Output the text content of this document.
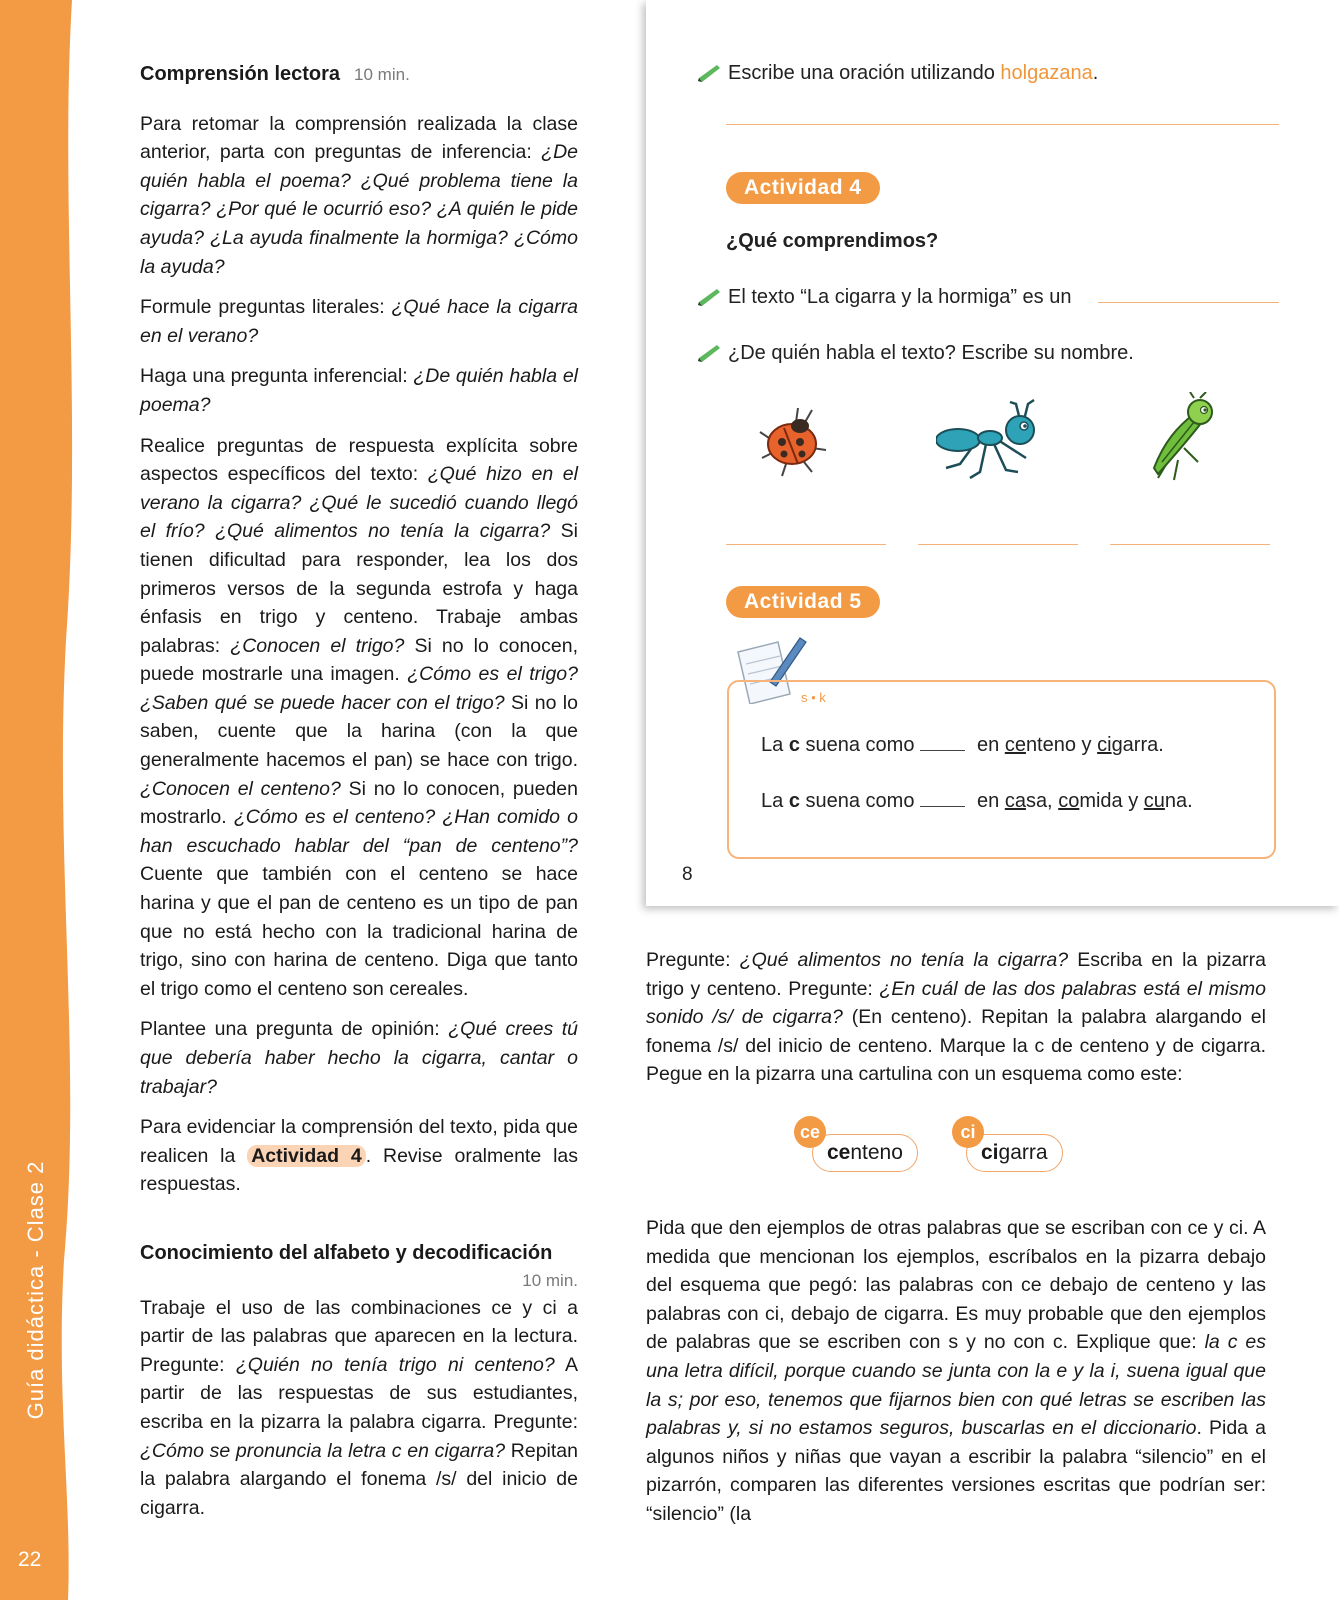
Guía didáctica - Clase 2
22

Comprensión lectora 10 min.

Para retomar la comprensión realizada la clase anterior, parta con preguntas de inferencia: ¿De quién habla el poema? ¿Qué problema tiene la cigarra? ¿Por qué le ocurrió eso? ¿A quién le pide ayuda? ¿La ayuda finalmente la hormiga? ¿Cómo la ayuda?

Formule preguntas literales: ¿Qué hace la cigarra en el verano?

Haga una pregunta inferencial: ¿De quién habla el poema?

Realice preguntas de respuesta explícita sobre aspectos específicos del texto: ¿Qué hizo en el verano la cigarra? ¿Qué le sucedió cuando llegó el frío? ¿Qué alimentos no tenía la cigarra? Si tienen dificultad para responder, lea los dos primeros versos de la segunda estrofa y haga énfasis en trigo y centeno. Trabaje ambas palabras: ¿Conocen el trigo? Si no lo conocen, puede mostrarle una imagen. ¿Cómo es el trigo? ¿Saben qué se puede hacer con el trigo? Si no lo saben, cuente que la harina (con la que generalmente hacemos el pan) se hace con trigo. ¿Conocen el centeno? Si no lo conocen, pueden mostrarlo. ¿Cómo es el centeno? ¿Han comido o han escuchado hablar del “pan de centeno”? Cuente que también con el centeno se hace harina y que el pan de centeno es un tipo de pan que no está hecho con la tradicional harina de trigo, sino con harina de centeno. Diga que tanto el trigo como el centeno son cereales.

Plantee una pregunta de opinión: ¿Qué crees tú que debería haber hecho la cigarra, cantar o trabajar?

Para evidenciar la comprensión del texto, pida que realicen la Actividad 4 . Revise oralmente las respuestas.

Conocimiento del alfabeto y decodificación

10 min.

Trabaje el uso de las combinaciones ce y ci a partir de las palabras que aparecen en la lectura. Pregunte: ¿Quién no tenía trigo ni centeno? A partir de las respuestas de sus estudiantes, escriba en la pizarra la palabra cigarra. Pregunte: ¿Cómo se pronuncia la letra c en cigarra? Repitan la palabra alargando el fonema /s/ del inicio de cigarra.

Escribe una oración utilizando holgazana.
Actividad 4
¿Qué comprendimos?
El texto “La cigarra y la hormiga” es un
¿De quién habla el texto? Escribe su nombre.
Actividad 5
s • k
La c suena como	en centeno y cigarra.
La c suena como	en casa, comida y cuna.
8
Pregunte: ¿Qué alimentos no tenía la cigarra? Escriba en la pizarra trigo y centeno. Pregunte: ¿En cuál de las dos palabras está el mismo sonido /s/ de cigarra? (En centeno). Repitan la palabra alargando el fonema /s/ del inicio de centeno. Marque la c de centeno y de cigarra. Pegue en la pizarra una cartulina con un esquema como este:
centeno
ce
cigarra
ci
Pida que den ejemplos de otras palabras que se escriban con ce y ci. A medida que mencionan los ejemplos, escríbalos en la pizarra debajo del esquema que pegó: las palabras con ce debajo de centeno y las palabras con ci, debajo de cigarra. Es muy probable que den ejemplos de palabras que se escriben con s y no con c. Explique que: la c es una letra difícil, porque cuando se junta con la e y la i, suena igual que la s; por eso, tenemos que fijarnos bien con qué letras se escriben las palabras y, si no estamos seguros, buscarlas en el diccionario. Pida a algunos niños y niñas que vayan a escribir la palabra “silencio” en el pizarrón, comparen las diferentes versiones escritas que podrían ser: “silencio” (la
